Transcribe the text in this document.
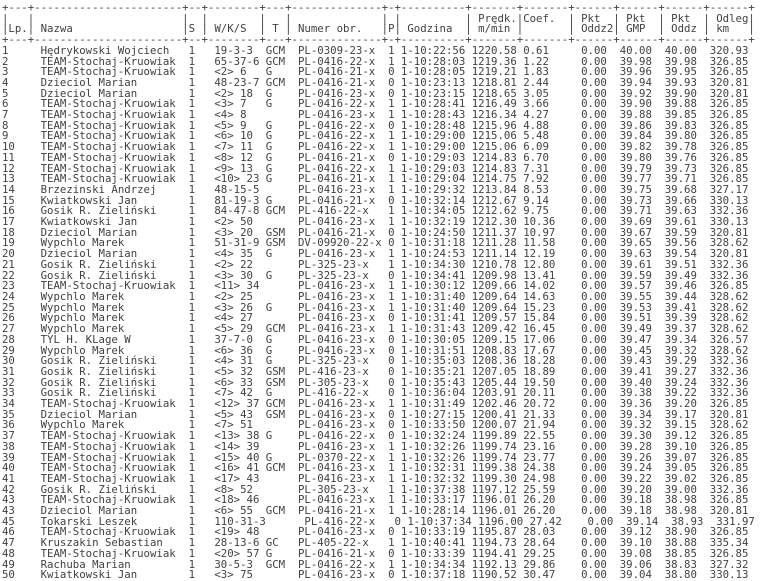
+---+-----------------------+--+--------+---+--------------+-+----------+-------+-------+------+------+------+------+
|   |                       |  |        |   |              | |          | Prędk.|Coef.  | Pkt  | Pkt  | Pkt  | Odleg|
|Lp.| Nazwa                 |S | W/K/S  | T | Numer obr.   |P| Godzina  | m/min |       | Oddz2| GMP  | Oddz | km   |
+---+-----------------------+--+--------+---+--------------+-+----------+-------+-------+------+------+------+------+
1     Hędrykowski Wojciech   1   19-3-3  GCM  PL-0309-23-x  1 1-10:22:56 1220.58 0.61     0.00  40.00  40.00  320.93
2     TEAM-Stochaj-Kruowiak  1   65-37-6 GCM  PL-0416-22-x  1 1-10:28:03 1219.36 1.22     0.00  39.98  39.98  326.85
3     TEAM-Stochaj-Kruowiak  1   <2> 6   G    PL-0416-21-x  0 1-10:28:05 1219.21 1.83     0.00  39.96  39.95  326.85
4     Dzieciol Marian        1   48-23-7 GCM  PL-0416-21-x  0 1-10:23:13 1218.81 2.44     0.00  39.94  39.93  320.81
5     Dzieciol Marian        1   <2> 18  G    PL-0416-23-x  0 1-10:23:15 1218.65 3.05     0.00  39.92  39.90  320.81
6     TEAM-Stochaj-Kruowiak  1   <3> 7   G    PL-0416-22-x  1 1-10:28:41 1216.49 3.66     0.00  39.90  39.88  326.85
7     TEAM-Stochaj-Kruowiak  1   <4> 8        PL-0416-23-x  1 1-10:28:43 1216.34 4.27     0.00  39.88  39.85  326.85
8     TEAM-Stochaj-Kruowiak  1   <5> 9   G    PL-0416-22-x  0 1-10:28:48 1215.96 4.88     0.00  39.86  39.83  326.85
9     TEAM-Stochaj-Kruowiak  1   <6> 10  G    PL-0416-22-x  1 1-10:29:00 1215.06 5.48     0.00  39.84  39.80  326.85
10    TEAM-Stochaj-Kruowiak  1   <7> 11  G    PL-0416-22-x  1 1-10:29:00 1215.06 6.09     0.00  39.82  39.78  326.85
11    TEAM-Stochaj-Kruowiak  1   <8> 12  G    PL-0416-21-x  0 1-10:29:03 1214.83 6.70     0.00  39.80  39.76  326.85
12    TEAM-Stochaj-Kruowiak  1   <9> 13  G    PL-0416-22-x  1 1-10:29:03 1214.83 7.31     0.00  39.79  39.73  326.85
13    TEAM-Stochaj-Kruowiak  1   <10> 23 G    PL-0416-21-x  1 1-10:29:04 1214.75 7.92     0.00  39.77  39.71  326.85
14    Brzezinski Andrzej     1   48-15-5      PL-0416-23-x  1 1-10:29:32 1213.84 8.53     0.00  39.75  39.68  327.17
15    Kwiatkowski Jan        1   81-19-3 G    PL-0416-21-x  0 1-10:32:14 1212.67 9.14     0.00  39.73  39.66  330.13
16    Gosik R. Zieliński     1   84-47-8 GCM  PL-416-22-x   1 1-10:34:05 1212.62 9.75     0.00  39.71  39.63  332.36
17    Kwiatkowski Jan        1   <2> 50       PL-0416-23-x  1 1-10:32:19 1212.30 10.36    0.00  39.69  39.61  330.13
18    Dzieciol Marian        1   <3> 20  GSM  PL-0416-21-x  0 1-10:24:50 1211.37 10.97    0.00  39.67  39.59  320.81
19    Wypchlo Marek          1   51-31-9 GSM  DV-09920-22-x 0 1-10:31:18 1211.28 11.58    0.00  39.65  39.56  328.62
20    Dzieciol Marian        1   <4> 35  G    PL-0416-23-x  1 1-10:24:53 1211.14 12.19    0.00  39.63  39.54  320.81
21    Gosik R. Zieliński     1   <2> 22       PL-325-23-x   1 1-10:34:30 1210.78 12.80    0.00  39.61  39.51  332.36
22    Gosik R. Zieliński     1   <3> 30  G    PL-325-23-x   0 1-10:34:41 1209.98 13.41    0.00  39.59  39.49  332.36
23    TEAM-Stochaj-Kruowiak  1   <11> 34      PL-0416-23-x  1 1-10:30:12 1209.66 14.02    0.00  39.57  39.46  326.85
24    Wypchlo Marek          1   <2> 25       PL-0416-23-x  1 1-10:31:40 1209.64 14.63    0.00  39.55  39.44  328.62
25    Wypchlo Marek          1   <3> 26  G    PL-0416-23-x  1 1-10:31:40 1209.64 15.23    0.00  39.53  39.41  328.62
26    Wypchlo Marek          1   <4> 27       PL-0416-23-x  0 1-10:31:41 1209.57 15.84    0.00  39.51  39.39  328.62
27    Wypchlo Marek          1   <5> 29  GCM  PL-0416-23-x  1 1-10:31:43 1209.42 16.45    0.00  39.49  39.37  328.62
28    TYL H. KLage W         1   37-7-0  G    PL-0416-23-x  0 1-10:30:05 1209.15 17.06    0.00  39.47  39.34  326.57
29    Wypchlo Marek          1   <6> 36  G    PL-0416-23-x  0 1-10:31:51 1208.83 17.67    0.00  39.45  39.32  328.62
30    Gosik R. Zieliński     1   <4> 31  G    PL-325-23-x   0 1-10:35:03 1208.36 18.28    0.00  39.43  39.29  332.36
31    Gosik R. Zieliński     1   <5> 32  GSM  PL-416-23-x   0 1-10:35:21 1207.05 18.89    0.00  39.41  39.27  332.36
32    Gosik R. Zieliński     1   <6> 33  GSM  PL-305-23-x   0 1-10:35:43 1205.44 19.50    0.00  39.40  39.24  332.36
33    Gosik R. Zieliński     1   <7> 42  G    PL-416-22-x   0 1-10:36:04 1203.91 20.11    0.00  39.38  39.22  332.36
34    TEAM-Stochaj-Kruowiak  1   <12> 37 GCM  PL-0416-23-x  1 1-10:31:49 1202.46 20.72    0.00  39.36  39.20  326.85
35    Dzieciol Marian        1   <5> 43  GSM  PL-0416-23-x  0 1-10:27:15 1200.41 21.33    0.00  39.34  39.17  320.81
36    Wypchlo Marek          1   <7> 51       PL-0416-23-x  0 1-10:33:50 1200.07 21.94    0.00  39.32  39.15  328.62
37    TEAM-Stochaj-Kruowiak  1   <13> 38 G    PL-0416-22-x  0 1-10:32:24 1199.89 22.55    0.00  39.30  39.12  326.85
38    TEAM-Stochaj-Kruowiak  1   <14> 39      PL-0416-23-x  1 1-10:32:26 1199.74 23.16    0.00  39.28  39.10  326.85
39    TEAM-Stochaj-Kruowiak  1   <15> 40 G    PL-0370-22-x  1 1-10:32:26 1199.74 23.77    0.00  39.26  39.07  326.85
40    TEAM-Stochaj-Kruowiak  1   <16> 41 GCM  PL-0416-23-x  1 1-10:32:31 1199.38 24.38    0.00  39.24  39.05  326.85
41    TEAM-Stochaj-Kruowiak  1   <17> 43      PL-0416-23-x  1 1-10:32:32 1199.30 24.98    0.00  39.22  39.02  326.85
42    Gosik R. Zieliński     1   <8> 52       PL-305-23-x   1 1-10:37:38 1197.12 25.59    0.00  39.20  39.00  332.36
43    TEAM-Stochaj-Kruowiak  1   <18> 46      PL-0416-23-x  1 1-10:33:17 1196.01 26.20    0.00  39.18  38.98  326.85
43    Dzieciol Marian        1   <6> 55  GCM  PL-0416-21-x  1 1-10:28:14 1196.01 26.20    0.00  39.18  38.98  320.81
45    Tokarski Leszek        1   110-31-3      PL-416-22-x   0 1-10:37:34 1196.00 27.42    0.00  39.14  38.93  331.97
46    TEAM-Stochaj-Kruowiak  1   <19> 48      PL-0416-23-x  0 1-10:33:19 1195.87 28.03    0.00  39.12  38.90  326.85
47    Kruszakin Sebastian    1   28-13-6 GC   PL-405-22-x   1 1-10:40:41 1194.73 28.64    0.00  39.10  38.88  335.34
48    TEAM-Stochaj-Kruowiak  1   <20> 57 G    PL-0416-21-x  0 1-10:33:39 1194.41 29.25    0.00  39.08  38.85  326.85
49    Rachuba Marian         1   30-5-3  GCM  PL-0416-22-x  1 1-10:34:34 1192.13 29.86    0.00  39.06  38.83  327.32
50    Kwiatkowski Jan        1   <3> 75       PL-0416-23-x  0 1-10:37:18 1190.52 30.47    0.00  39.04  38.80  330.13
